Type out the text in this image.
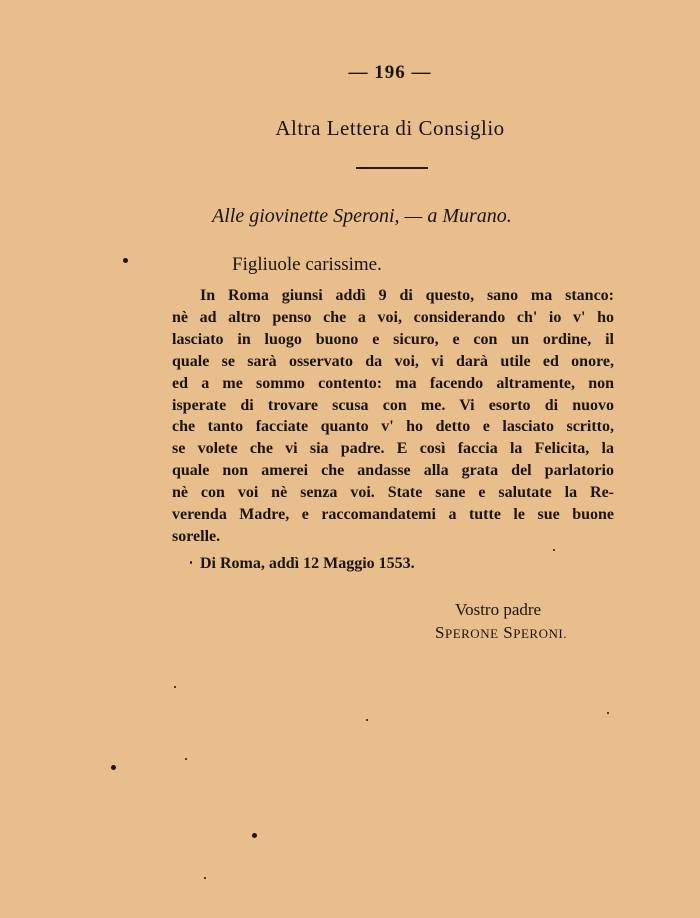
— 196 —
Altra Lettera di Consiglio
Alle giovinette Speroni, — a Murano.
Figliuole carissime.
In Roma giunsi addì 9 di questo, sano ma stanco:
nè ad altro penso che a voi, considerando ch' io v' ho
lasciato in luogo buono e sicuro, e con un ordine, il
quale se sarà osservato da voi, vi darà utile ed onore,
ed a me sommo contento: ma facendo altramente, non
isperate di trovare scusa con me. Vi esorto di nuovo
che tanto facciate quanto v' ho detto e lasciato scritto,
se volete che vi sia padre. E così faccia la Felicita, la
quale non amerei che andasse alla grata del parlatorio
nè con voi nè senza voi. State sane e salutate la Re-
verenda Madre, e raccomandatemi a tutte le sue buone
sorelle.
Di Roma, addì 12 Maggio 1553.
Vostro padre
SPERONE SPERONI.
